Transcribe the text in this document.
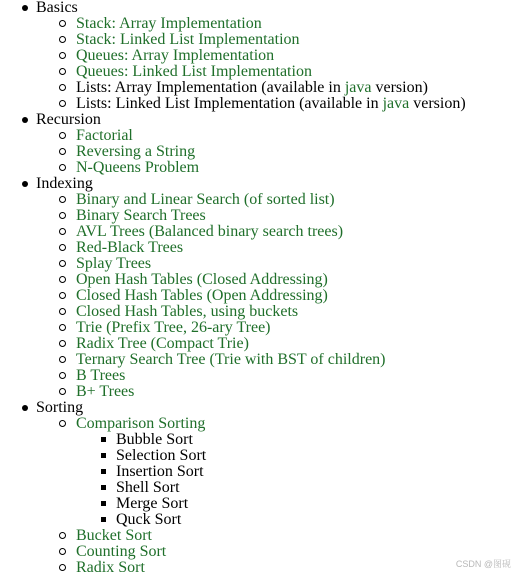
Basics
Stack: Array Implementation
Stack: Linked List Implementation
Queues: Array Implementation
Queues: Linked List Implementation
Lists: Array Implementation (available in java version)
Lists: Linked List Implementation (available in java version)
Recursion
Factorial
Reversing a String
N-Queens Problem
Indexing
Binary and Linear Search (of sorted list)
Binary Search Trees
AVL Trees (Balanced binary search trees)
Red-Black Trees
Splay Trees
Open Hash Tables (Closed Addressing)
Closed Hash Tables (Open Addressing)
Closed Hash Tables, using buckets
Trie (Prefix Tree, 26-ary Tree)
Radix Tree (Compact Trie)
Ternary Search Tree (Trie with BST of children)
B Trees
B+ Trees
Sorting
Comparison Sorting
Bubble Sort
Selection Sort
Insertion Sort
Shell Sort
Merge Sort
Quck Sort
Bucket Sort
Counting Sort
Radix Sort	CSDN @图砚
